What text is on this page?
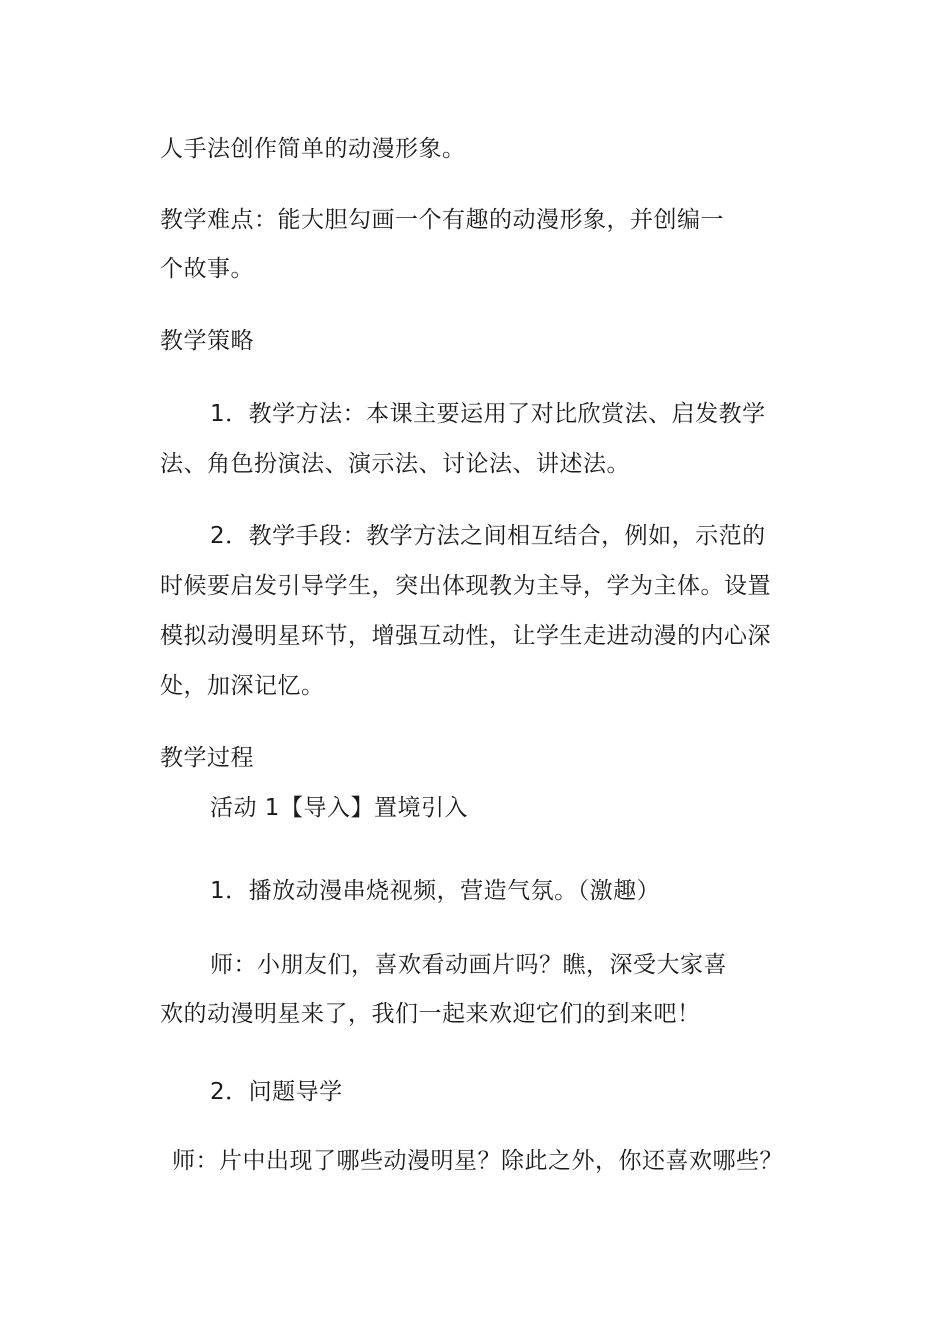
人手法创作简单的动漫形象。
教学难点：能大胆勾画一个有趣的动漫形象，并创编一
个故事。
教学策略
1．教学方法：本课主要运用了对比欣赏法、启发教学
法、角色扮演法、演示法、讨论法、讲述法。
2．教学手段：教学方法之间相互结合，例如，示范的
时候要启发引导学生，突出体现教为主导，学为主体。设置
模拟动漫明星环节，增强互动性，让学生走进动漫的内心深
处，加深记忆。
教学过程
活动 1【导入】置境引入
1．播放动漫串烧视频，营造气氛。（激趣）
师：小朋友们，喜欢看动画片吗？瞧，深受大家喜
欢的动漫明星来了，我们一起来欢迎它们的到来吧！
2．问题导学
师：片中出现了哪些动漫明星？除此之外，你还喜欢哪些？
